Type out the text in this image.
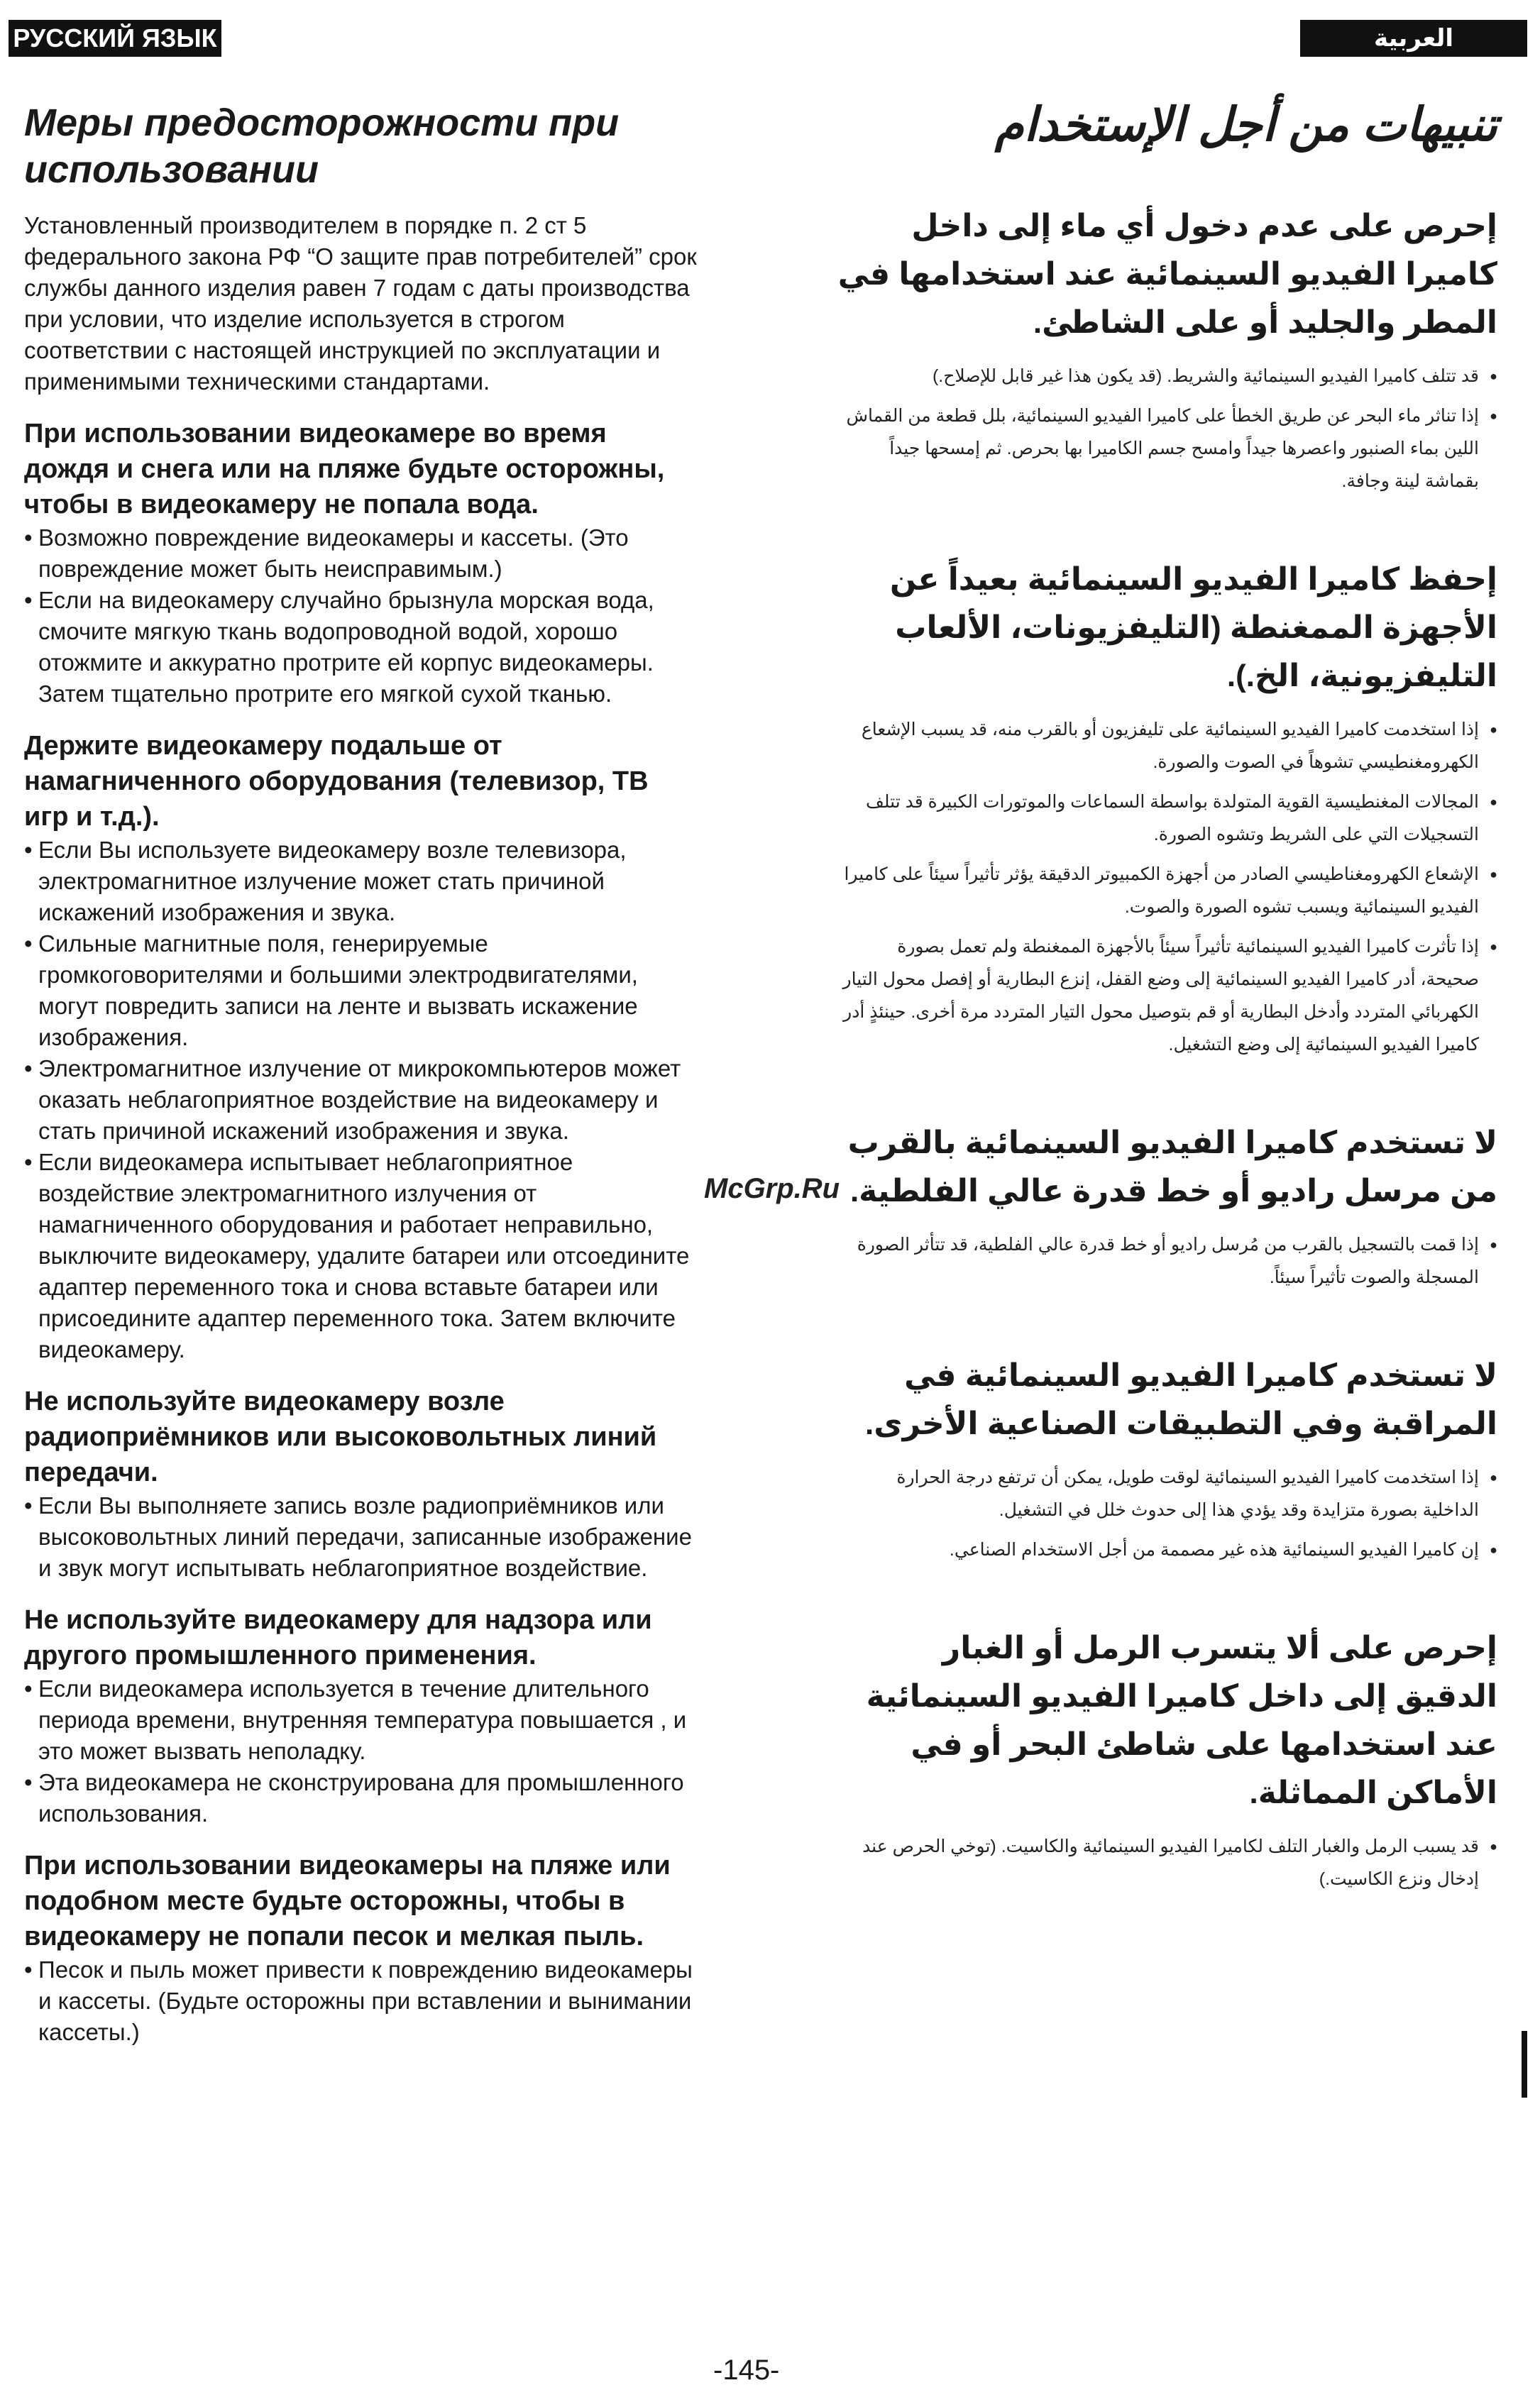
РУССКИЙ ЯЗЫК	العربية
Меры предосторожности при использовании

Установленный производителем в порядке п. 2 ст 5 федерального закона РФ “О защите прав потребителей” срок службы данного изделия равен 7 годам с даты производства при условии, что изделие используется в строгом соответствии с настоящей инструкцией по эксплуатации и применимыми техническими стандартами.

При использовании видеокамере во время дождя и снега или на пляже будьте осторожны, чтобы в видеокамеру не попала вода.
• Возможно повреждение видеокамеры и кассеты. (Это повреждение может быть неисправимым.)
• Если на видеокамеру случайно брызнула морская вода, смочите мягкую ткань водопроводной водой, хорошо отожмите и аккуратно протрите ей корпус видеокамеры. Затем тщательно протрите его мягкой сухой тканью.
Держите видеокамеру подальше от намагниченного оборудования (телевизор, ТВ игр и т.д.).
• Если Вы используете видеокамеру возле телевизора, электромагнитное излучение может стать причиной искажений изображения и звука.
• Сильные магнитные поля, генерируемые громкоговорителями и большими электродвигателями, могут повредить записи на ленте и вызвать искажение изображения.
• Электромагнитное излучение от микрокомпьютеров может оказать неблагоприятное воздействие на видеокамеру и стать причиной искажений изображения и звука.
• Если видеокамера испытывает неблагоприятное воздействие электромагнитного излучения от намагниченного оборудования и работает неправильно, выключите видеокамеру, удалите батареи или отсоедините адаптер переменного тока и снова вставьте батареи или присоедините адаптер переменного тока. Затем включите видеокамеру.
Не используйте видеокамеру возле радиоприёмников или высоковольтных линий передачи.
• Если Вы выполняете запись возле радиоприёмников или высоковольтных линий передачи, записанные изображение и звук могут испытывать неблагоприятное воздействие.
Не используйте видеокамеру для надзора или другого промышленного применения.
• Если видеокамера используется в течение длительного периода времени, внутренняя температура повышается , и это может вызвать неполадку.
• Эта видеокамера не сконструирована для промышленного использования.
При использовании видеокамеры на пляже или подобном месте будьте осторожны, чтобы в видеокамеру не попали песок и мелкая пыль.
• Песок и пыль может привести к повреждению видеокамеры и кассеты. (Будьте осторожны при вставлении и вынимании кассеты.)
تنبيهات من أجل الإستخدام
إحرص على عدم دخول أي ماء إلى داخل كاميرا الفيديو السينمائية عند استخدامها في المطر والجليد أو على الشاطئ.
● قد تتلف كاميرا الفيديو السينمائية والشريط. (قد يكون هذا غير قابل للإصلاح.)
● إذا تناثر ماء البحر عن طريق الخطأ على كاميرا الفيديو السينمائية، بلل قطعة من القماش اللين بماء الصنبور واعصرها جيداً وامسح جسم الكاميرا بها بحرص. ثم إمسحها جيداً بقماشة لينة وجافة.
إحفظ كاميرا الفيديو السينمائية بعيداً عن الأجهزة الممغنطة (التليفزيونات، الألعاب التليفزيونية، الخ.).
● إذا استخدمت كاميرا الفيديو السينمائية على تليفزيون أو بالقرب منه، قد يسبب الإشعاع الكهرومغنطيسي تشوهاً في الصوت والصورة.
● المجالات المغنطيسية القوية المتولدة بواسطة السماعات والموتورات الكبيرة قد تتلف التسجيلات التي على الشريط وتشوه الصورة.
● الإشعاع الكهرومغناطيسي الصادر من أجهزة الكمبيوتر الدقيقة يؤثر تأثيراً سيئاً على كاميرا الفيديو السينمائية ويسبب تشوه الصورة والصوت.
● إذا تأثرت كاميرا الفيديو السينمائية تأثيراً سيئاً بالأجهزة الممغنطة ولم تعمل بصورة صحيحة، أدر كاميرا الفيديو السينمائية إلى وضع القفل، إنزع البطارية أو إفصل محول التيار الكهربائي المتردد وأدخل البطارية أو قم بتوصيل محول التيار المتردد مرة أخرى. حينئذٍ أدر كاميرا الفيديو السينمائية إلى وضع التشغيل.
لا تستخدم كاميرا الفيديو السينمائية بالقرب من مرسل راديو أو خط قدرة عالي الفلطية.
● إذا قمت بالتسجيل بالقرب من مُرسل راديو أو خط قدرة عالي الفلطية، قد تتأثر الصورة المسجلة والصوت تأثيراً سيئاً.
لا تستخدم كاميرا الفيديو السينمائية في المراقبة وفي التطبيقات الصناعية الأخرى.
● إذا استخدمت كاميرا الفيديو السينمائية لوقت طويل، يمكن أن ترتفع درجة الحرارة الداخلية بصورة متزايدة وقد يؤدي هذا إلى حدوث خلل في التشغيل.
● إن كاميرا الفيديو السينمائية هذه غير مصممة من أجل الاستخدام الصناعي.
إحرص على ألا يتسرب الرمل أو الغبار الدقيق إلى داخل كاميرا الفيديو السينمائية عند استخدامها على شاطئ البحر أو في الأماكن المماثلة.
● قد يسبب الرمل والغبار التلف لكاميرا الفيديو السينمائية والكاسيت. (توخي الحرص عند إدخال ونزع الكاسيت.)
McGrp.Ru
-145-
